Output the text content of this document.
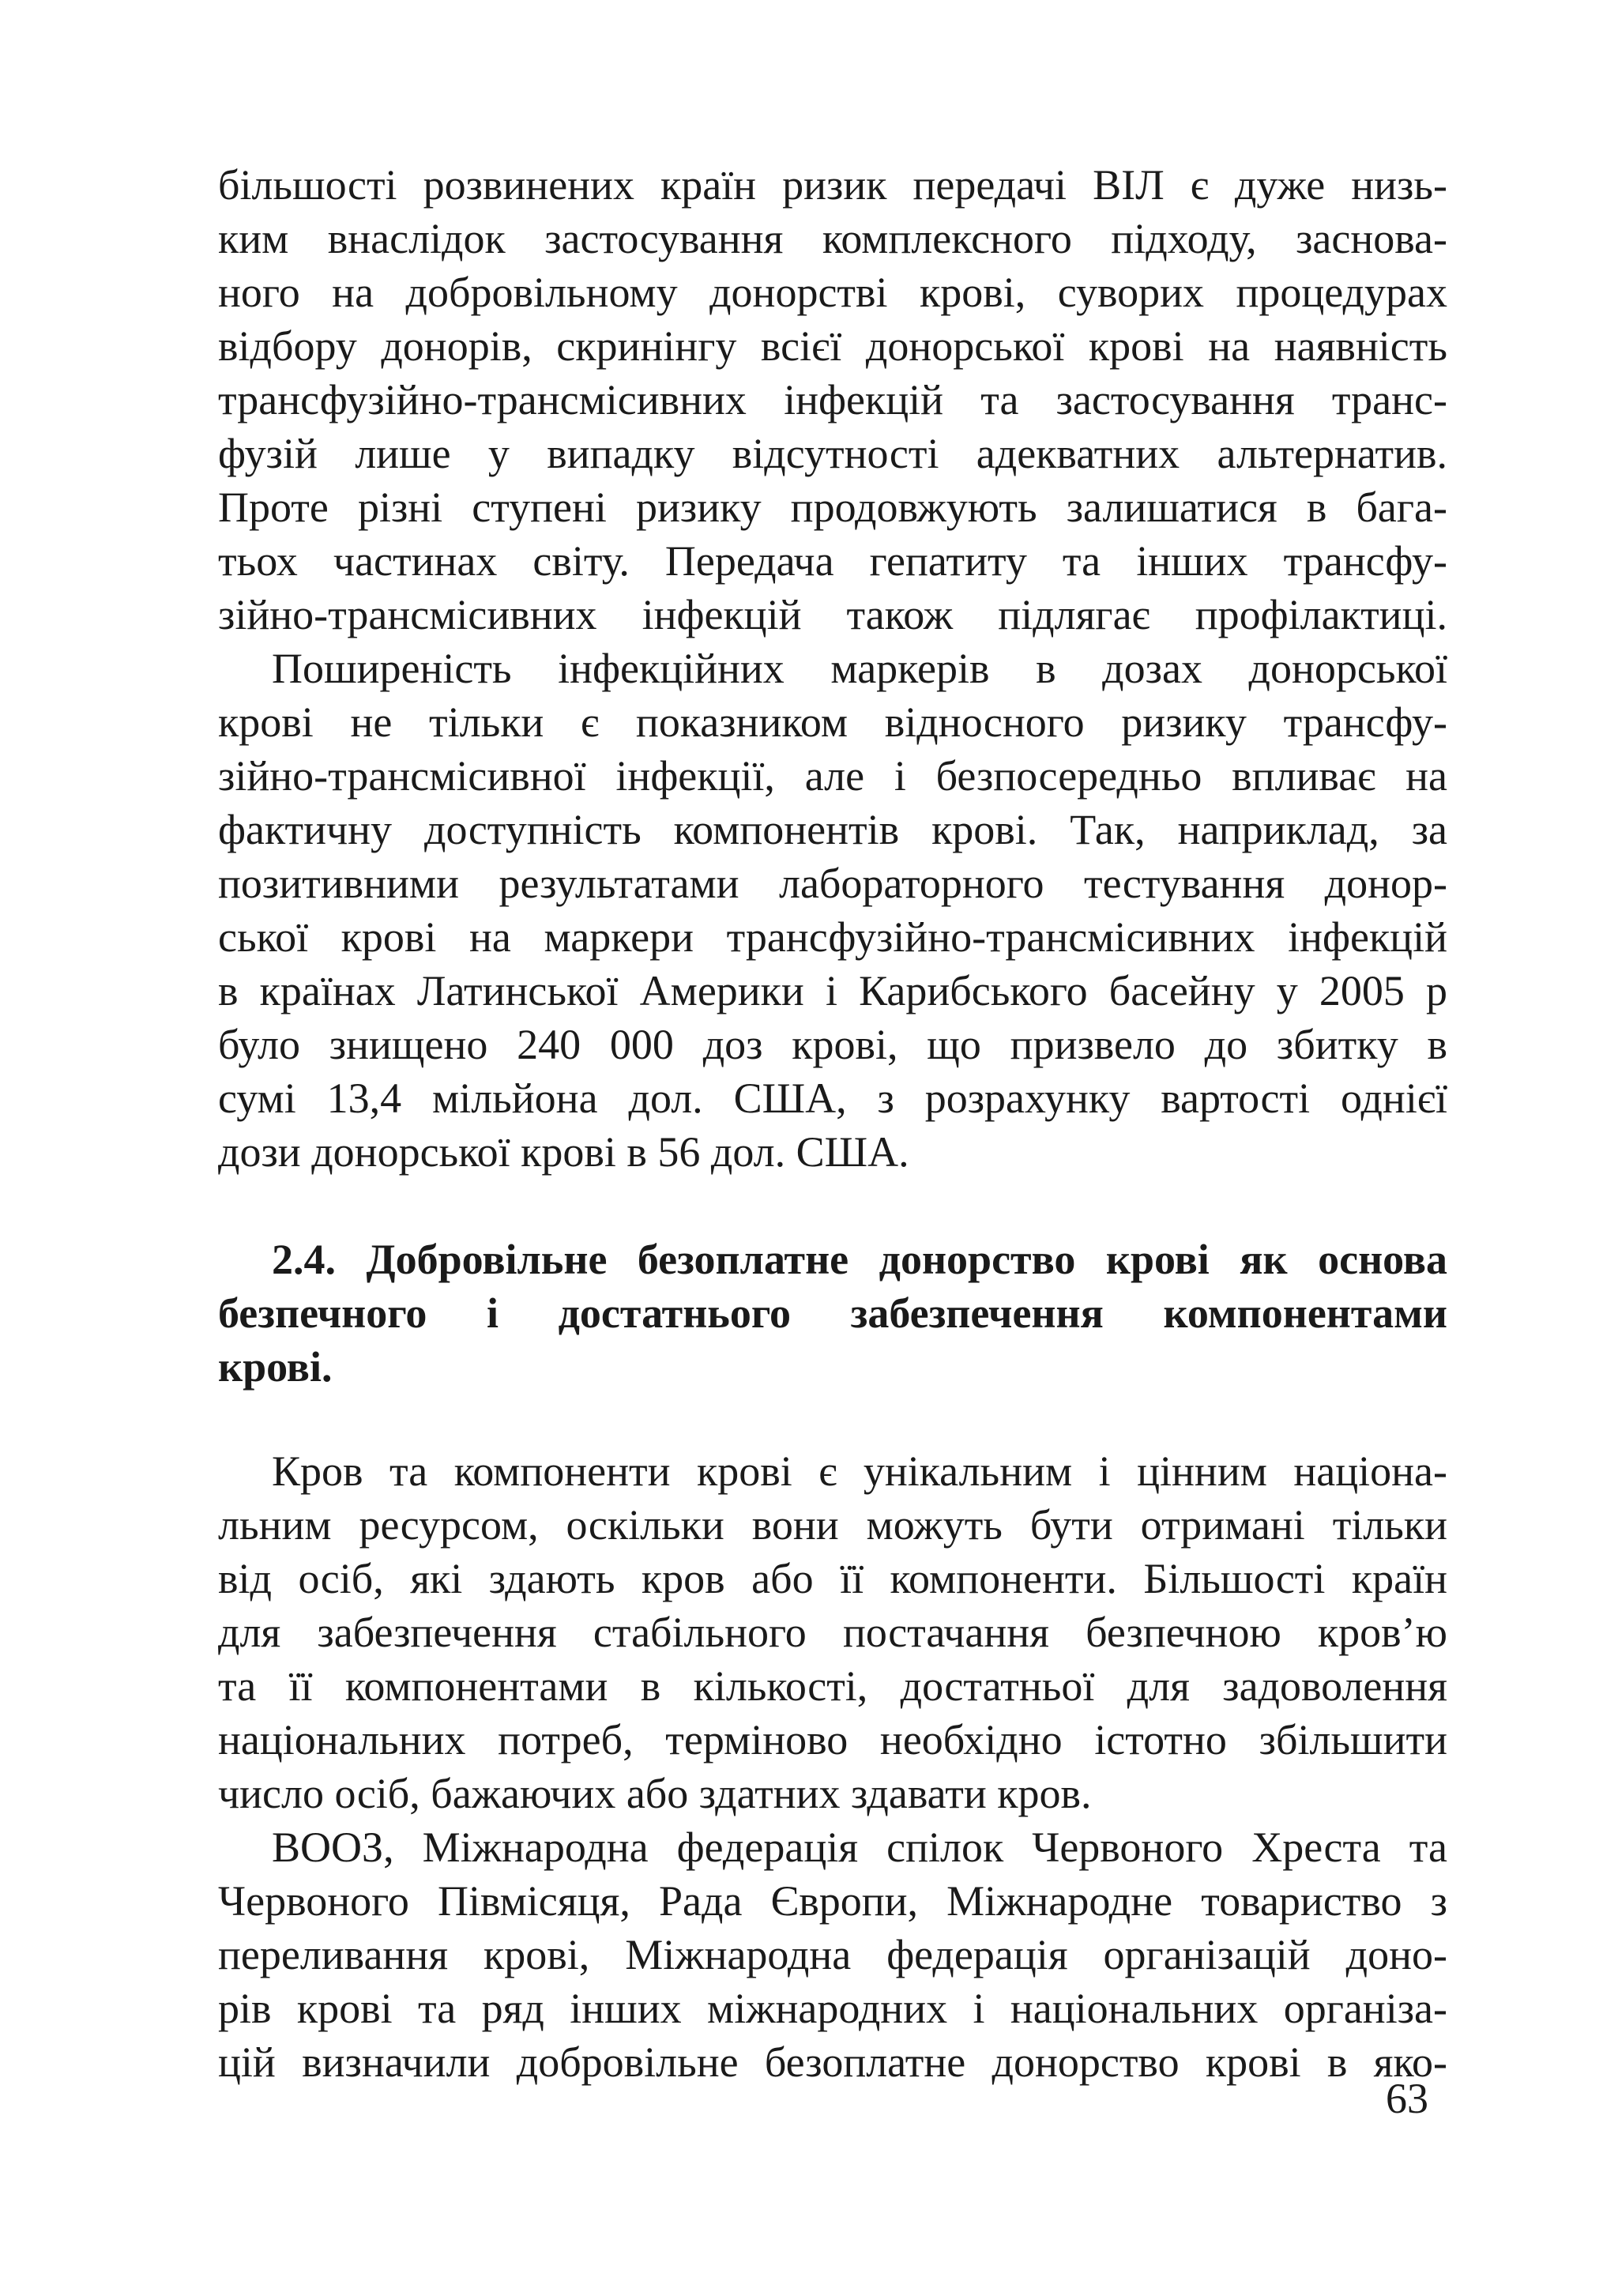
більшості розвинених країн ризик передачі ВІЛ є дуже низь-
ким внаслідок застосування комплексного підходу, заснова-
ного на добровільному донорстві крові, суворих процедурах
відбору донорів, скринінгу всієї донорської крові на наявність
трансфузійно-трансмісивних інфекцій та застосування транс-
фузій лише у випадку відсутності адекватних альтернатив.
Проте різні ступені ризику продовжують залишатися в бага-
тьох частинах світу. Передача гепатиту та інших трансфу-
зійно-трансмісивних інфекцій також підлягає профілактиці.
Поширеність інфекційних маркерів в дозах донорської
крові не тільки є показником відносного ризику трансфу-
зійно-трансмісивної інфекції, але і безпосередньо впливає на
фактичну доступність компонентів крові. Так, наприклад, за
позитивними результатами лабораторного тестування донор-
ської крові на маркери трансфузійно-трансмісивних інфекцій
в країнах Латинської Америки і Карибського басейну у 2005 р
було знищено 240 000 доз крові, що призвело до збитку в
сумі 13,4 мільйона дол. США, з розрахунку вартості однієї
дози донорської крові в 56 дол. США.
2.4. Добровільне безоплатне донорство крові як основа
безпечного і достатнього забезпечення компонентами
крові.
Кров та компоненти крові є унікальним і цінним націона-
льним ресурсом, оскільки вони можуть бути отримані тільки
від осіб, які здають кров або її компоненти. Більшості країн
для забезпечення стабільного постачання безпечною кров’ю
та її компонентами в кількості, достатньої для задоволення
національних потреб, терміново необхідно істотно збільшити
число осіб, бажаючих або здатних здавати кров.
ВООЗ, Міжнародна федерація спілок Червоного Хреста та
Червоного Півмісяця, Рада Європи, Міжнародне товариство з
переливання крові, Міжнародна федерація організацій доно-
рів крові та ряд інших міжнародних і національних організа-
цій визначили добровільне безоплатне донорство крові в яко-
63
